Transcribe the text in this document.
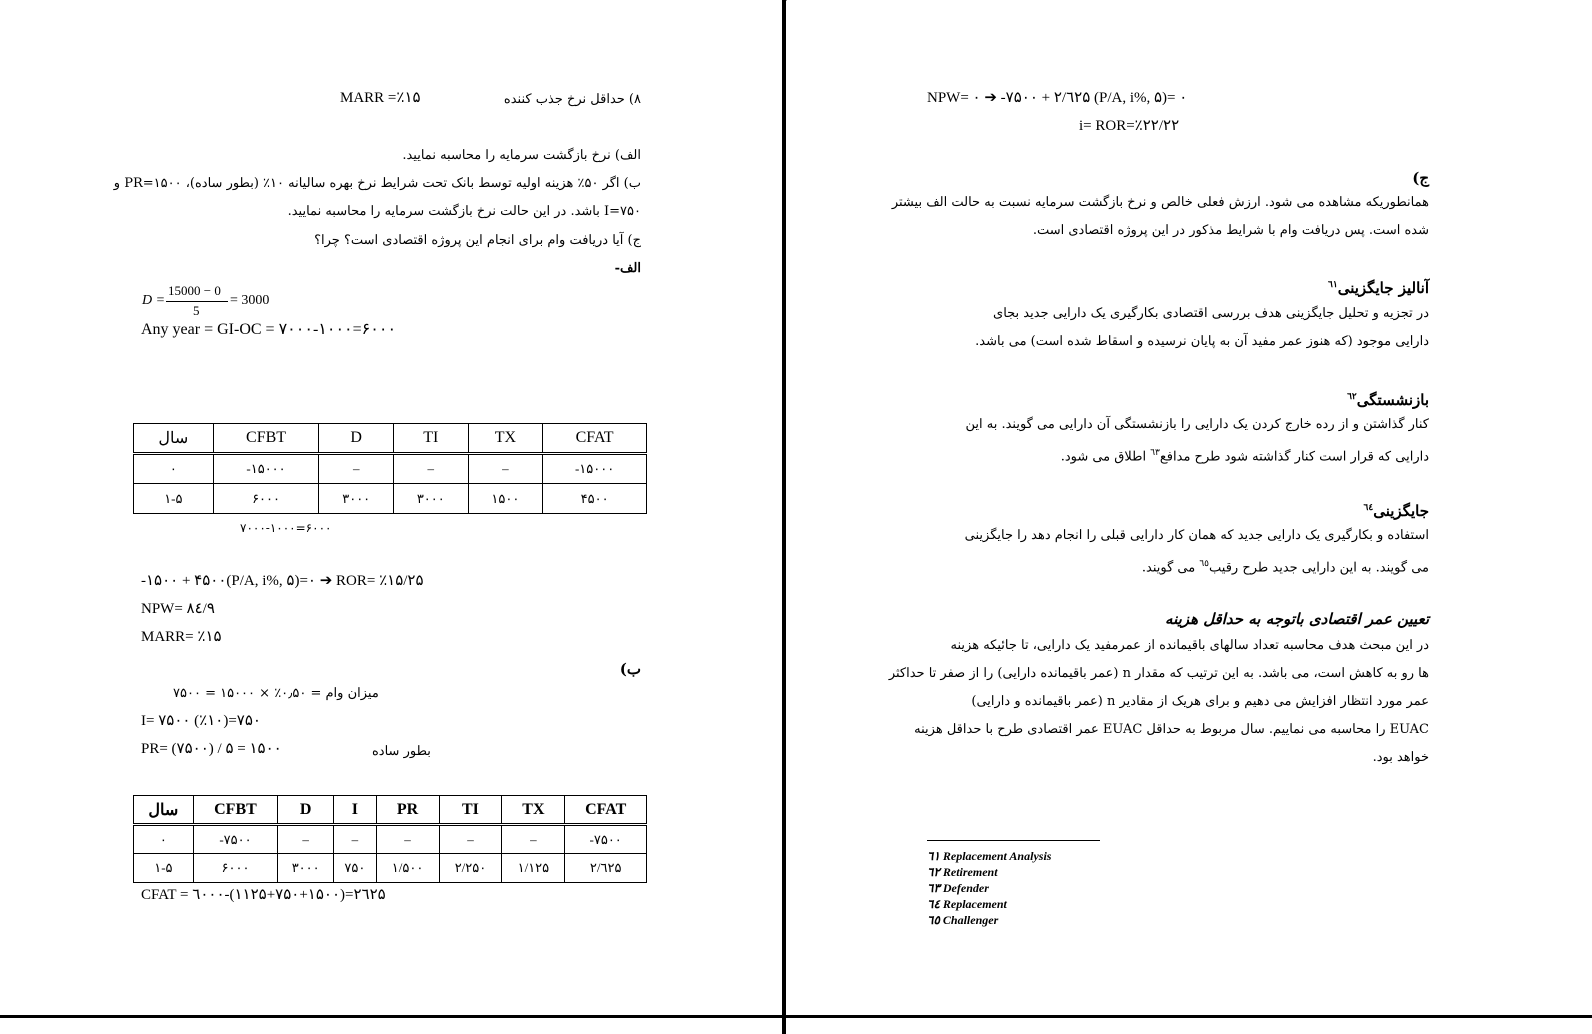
۸) حداقل نرخ جذب کننده
MARR =٪۱۵
الف) نرخ بازگشت سرمایه را محاسبه نمایید.
ب) اگر ۵۰٪ هزینه اولیه توسط بانک تحت شرایط نرخ بهره سالیانه ۱۰٪ (بطور ساده)، PR=۱۵۰۰ و
I=۷۵۰ باشد. در این حالت نرخ بازگشت سرمایه را محاسبه نمایید.
ج) آیا دریافت وام برای انجام این پروژه اقتصادی است؟ چرا؟
الف-
D =
15000 − 0
5
= 3000
Any year = GI-OC = ۷۰۰۰-۱۰۰۰=۶۰۰۰
سال	CFBT	D	TI	TX	CFAT
۰	-۱۵۰۰۰	–	–	–	-۱۵۰۰۰
۱-۵	۶۰۰۰	۳۰۰۰	۳۰۰۰	۱۵۰۰	۴۵۰۰
۷۰۰۰-۱۰۰۰=۶۰۰۰
-۱۵۰۰ + ۴۵۰۰(P/A, i%, ۵)=۰ ➔ ROR= ٪۱۵/۲۵
NPW= ۸٤/۹
MARR= ٪۱۵
ب)
میزان وام = ۰٫۵۰٪ × ۱۵۰۰۰ = ۷۵۰۰
I= ۷۵۰۰ (٪۱۰)=۷۵۰
PR= (۷۵۰۰) / ۵ = ۱۵۰۰	بطور ساده
سال	CFBT	D	I	PR	TI	TX	CFAT
۰	-۷۵۰۰	–	–	–	–	–	-۷۵۰۰
۱-۵	۶۰۰۰	۳۰۰۰	۷۵۰	۱/۵۰۰	۲/۲۵۰	۱/۱۲۵	۲/٦۲۵
CFAT = ٦۰۰۰-(۱۱۲۵+۷۵۰+۱۵۰۰)=۲٦۲۵
NPW= ۰ ➔ -۷۵۰۰ + ۲/٦۲۵ (P/A, i%, ۵)= ۰
i= ROR=٪۲۲/۲۲
ج)
همانطوریکه مشاهده می شود. ارزش فعلی خالص و نرخ بازگشت سرمایه نسبت به حالت الف بیشتر
شده است. پس دریافت وام با شرایط مذکور در این پروژه اقتصادی است.
آنالیز جایگزینی$^{٦١}$
در تجزیه و تحلیل جایگزینی هدف بررسی اقتصادی بکارگیری یک دارایی جدید بجای
دارایی موجود (که هنوز عمر مفید آن به پایان نرسیده و اسقاط شده است) می باشد.
بازنشستگی$^{٦٢}$
کنار گذاشتن و از رده خارج کردن یک دارایی را بازنشستگی آن دارایی می گویند. به این
دارایی که قرار است کنار گذاشته شود طرح مدافع$^{٦٣}$ اطلاق می شود.
جایگزینی$^{٦٤}$
استفاده و بکارگیری یک دارایی جدید که همان کار دارایی قبلی را انجام دهد را جایگزینی
می گویند. به این دارایی جدید طرح رقیب$^{٦٥}$ می گویند.
تعیین عمر اقتصادی باتوجه به حداقل هزینه
در این مبحث هدف محاسبه تعداد سالهای باقیمانده از عمرمفید یک دارایی، تا جائیکه هزینه
ها رو به کاهش است، می باشد. به این ترتیب که مقدار n (عمر باقیمانده دارایی) را از صفر تا حداکثر
عمر مورد انتظار افزایش می دهیم و برای هریک از مقادیر n (عمر باقیمانده و دارایی)
EUAC را محاسبه می نماییم. سال مربوط به حداقل EUAC عمر اقتصادی طرح با حداقل هزینه
خواهد بود.
٦١ Replacement Analysis
٦٢ Retirement
٦٣ Defender
٦٤ Replacement
٦٥ Challenger
